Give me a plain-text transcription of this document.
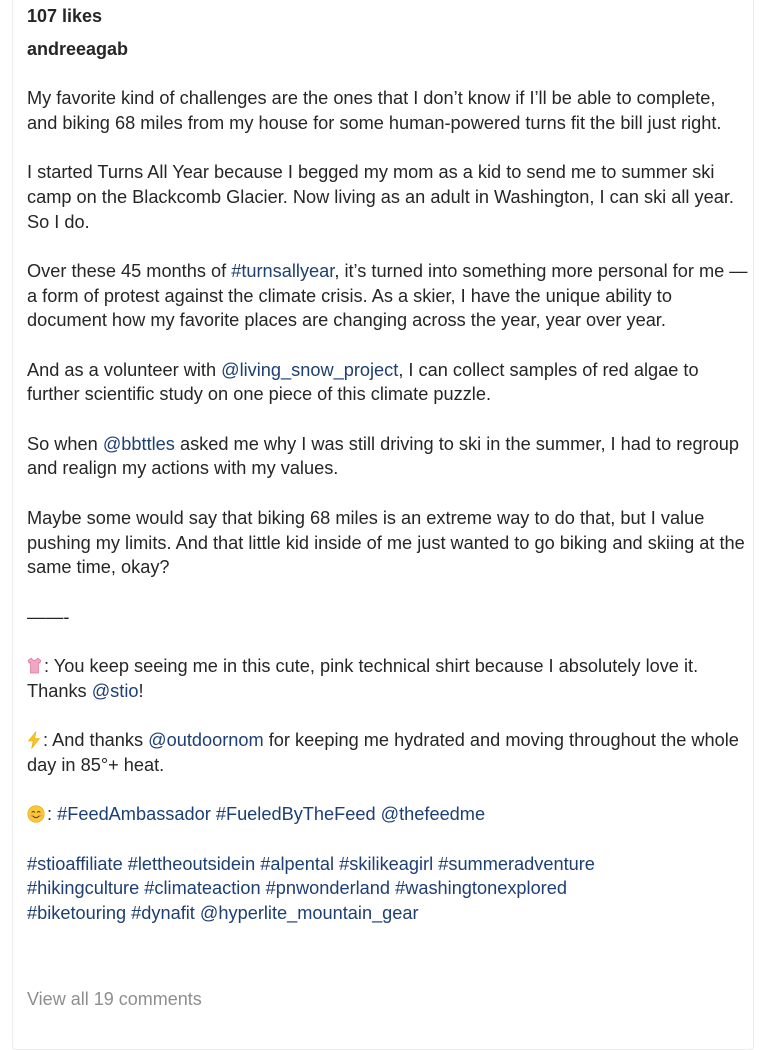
107 likes
andreeagab

My favorite kind of challenges are the ones that I don’t know if I’ll be able to complete, and biking 68 miles from my house for some human-powered turns fit the bill just right.

I started Turns All Year because I begged my mom as a kid to send me to summer ski camp on the Blackcomb Glacier. Now living as an adult in Washington, I can ski all year. So I do.

Over these 45 months of #turnsallyear, it’s turned into something more personal for me — a form of protest against the climate crisis. As a skier, I have the unique ability to document how my favorite places are changing across the year, year over year.

And as a volunteer with @living_snow_project, I can collect samples of red algae to further scientific study on one piece of this climate puzzle.

So when @bbttles asked me why I was still driving to ski in the summer, I had to regroup and realign my actions with my values.

Maybe some would say that biking 68 miles is an extreme way to do that, but I value pushing my limits. And that little kid inside of me just wanted to go biking and skiing at the same time, okay?

——-

: You keep seeing me in this cute, pink technical shirt because I absolutely love it. Thanks @stio!

: And thanks @outdoornom for keeping me hydrated and moving throughout the whole day in 85°+ heat.

: #FeedAmbassador #FueledByTheFeed @thefeedme

#stioaffiliate #lettheoutsidein #alpental #skilikeagirl #summeradventure
#hikingculture #climateaction #pnwonderland #washingtonexplored
#biketouring #dynafit @hyperlite_mountain_gear

View all 19 comments
